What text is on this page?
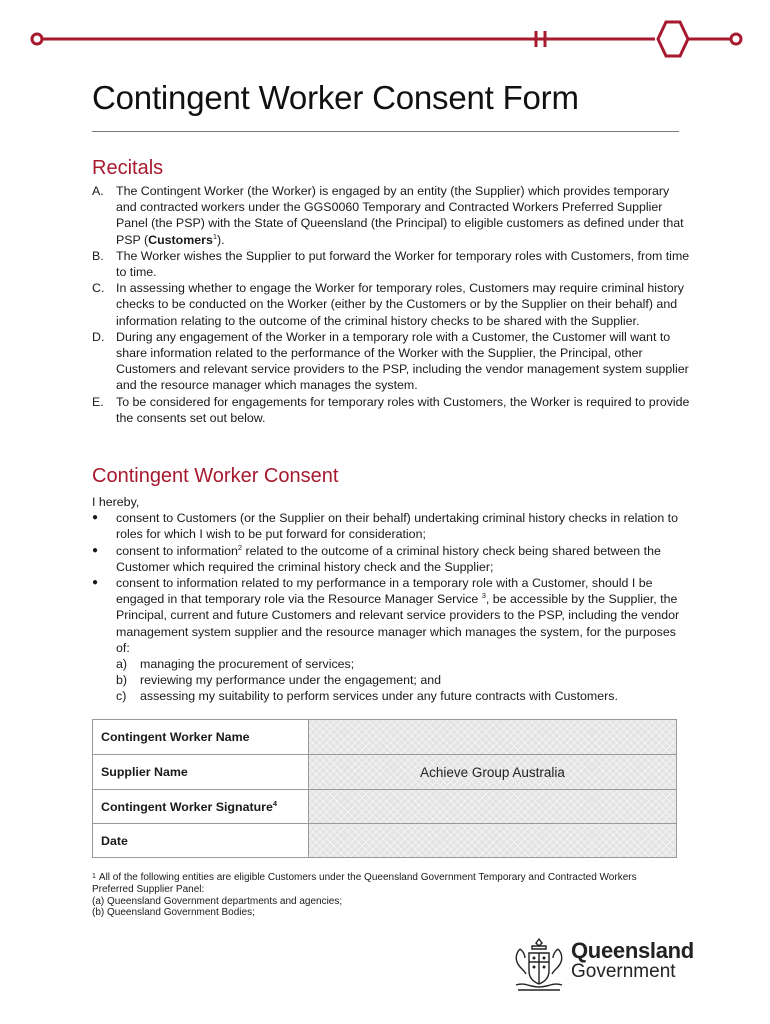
Contingent Worker Consent Form
Recitals
A. The Contingent Worker (the Worker) is engaged by an entity (the Supplier) which provides temporary and contracted workers under the GGS0060 Temporary and Contracted Workers Preferred Supplier Panel (the PSP) with the State of Queensland (the Principal) to eligible customers as defined under that PSP (Customers$^1$).
B. The Worker wishes the Supplier to put forward the Worker for temporary roles with Customers, from time to time.
C. In assessing whether to engage the Worker for temporary roles, Customers may require criminal history checks to be conducted on the Worker (either by the Customers or by the Supplier on their behalf) and information relating to the outcome of the criminal history checks to be shared with the Supplier.
D. During any engagement of the Worker in a temporary role with a Customer, the Customer will want to share information related to the performance of the Worker with the Supplier, the Principal, other Customers and relevant service providers to the PSP, including the vendor management system supplier and the resource manager which manages the system.
E. To be considered for engagements for temporary roles with Customers, the Worker is required to provide the consents set out below.
Contingent Worker Consent

I hereby,

● consent to Customers (or the Supplier on their behalf) undertaking criminal history checks in relation to roles for which I wish to be put forward for consideration;
● consent to information$^2$ related to the outcome of a criminal history check being shared between the Customer which required the criminal history check and the Supplier;
● consent to information related to my performance in a temporary role with a Customer, should I be engaged in that temporary role via the Resource Manager Service $^3$, be accessible by the Supplier, the Principal, current and future Customers and relevant service providers to the PSP, including the vendor management system supplier and the resource manager which manages the system, for the purposes of:
a) managing the procurement of services;
b) reviewing my performance under the engagement; and
c) assessing my suitability to perform services under any future contracts with Customers.
Contingent Worker Name	
Supplier Name	Achieve Group Australia
Contingent Worker Signature$^4$	
Date	
$^1$ All of the following entities are eligible Customers under the Queensland Government Temporary and Contracted Workers Preferred Supplier Panel:
(a) Queensland Government departments and agencies;
(b) Queensland Government Bodies;
Queensland
Government
